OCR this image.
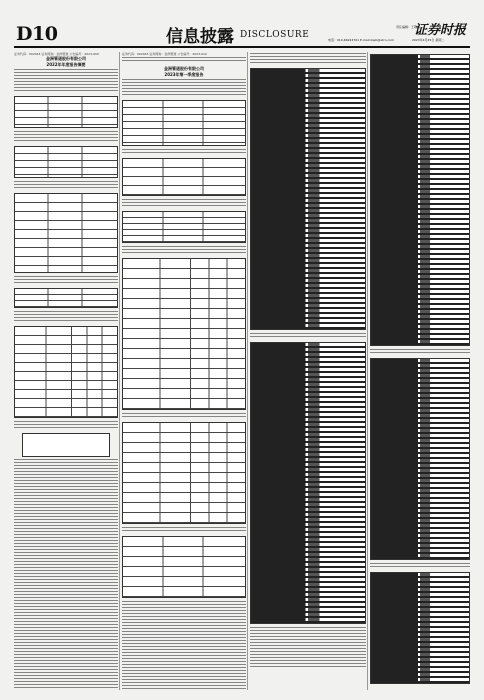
D10	信息披露 DISCLOSURE
责任编辑：王敬涛
电话：010-66224701 E-mail:zqsb@stcn.com
证券时报
2023年4月25日 星期二
证券代码：002443 证券简称：金洲管道 公告编号：2023-009
金洲管道股份有限公司
2022年年度报告摘要
证券代码：002443 证券简称：金洲管道 公告编号：2023-010
金洲管道股份有限公司
2023年第一季度报告
